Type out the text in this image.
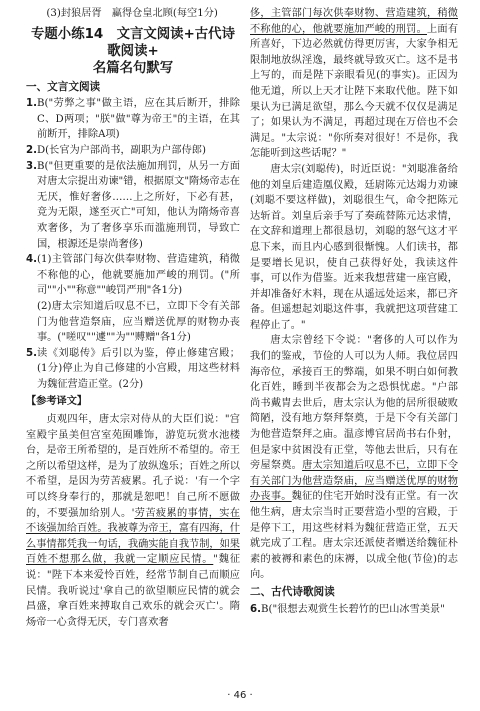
(3)封狼居胥　蠃得仓皇北顾(每空1分)

专题小练14　文言文阅读+古代诗歌阅读+
名篇名句默写
一、文言文阅读
1. B("劳弊之事"做主语，应在其后断开，排除C、D两项；"朕"做"尊为帝王"的主语，在其前断开，排除A项)
2. D(长官为户部尚书，副职为户部侍郎)
3. B("但更重要的是依法施加刑罚，从另一方面对唐太宗提出劝谏"错，根据原文"隋炀帝志在无厌，惟好奢侈……上之所好，下必有甚，竞为无限，遂至灭亡"可知，他认为隋炀帝喜欢奢侈，为了奢侈享乐而滥施刑罚，导致亡国，根源还是崇尚奢侈)
4. (1)主管部门每次供奉财物、营造建筑，稍微不称他的心，他就要施加严峻的刑罚。("所司""小""称意""峻罚严刑"各1分)

(2)唐太宗知道后叹息不已，立即下令有关部门为他营造祭庙，应当赠送优厚的财物办丧事。("嗟叹""遽""为""赙赠"各1分)

5. 读《刘聪传》后引以为鉴，停止修建宫殿；(1分)停止为自己修建的小宫殿，用这些材料为魏征营造正堂。(2分)
【参考译文】

贞观四年，唐太宗对侍从的大臣们说："宫室殿宇虽美但宫室苑囿雕饰，游览玩赏水池楼台，是帝王所希望的，是百姓所不希望的。帝王之所以希望这样，是为了放纵逸乐；百姓之所以不希望，是因为劳苦疲累。孔子说：'有一个字可以终身奉行的，那就是恕吧！自己所不愿做的，不要强加给别人。'劳苦疲累的事情，实在不该强加给百姓。我被尊为帝王，富有四海，什么事情都凭我一句话，我确实能自我节制，如果百姓不想那么做，我就一定顺应民情。"魏征说："陛下本来爱怜百姓，经常节制自己而顺应民情。我听说过'拿自己的欲望顺应民情的就会昌盛，拿百姓来搏取自己欢乐的就会灭亡'。隋炀帝一心贪得无厌，专门喜欢奢

侈，主管部门每次供奉财物、营造建筑，稍微不称他的心，他就要施加严峻的刑罚。上面有所喜好，下边必然就仿得更厉害，大家争相无限制地放纵淫逸，最终就导致灭亡。这不是书上写的，而是陛下亲眼看见(的事实)。正因为他无道，所以上天才让陛下来取代他。陛下如果认为已满足欲望，那么今天就不仅仅是满足了；如果认为不满足，再超过现在万倍也不会满足。"太宗说："你所奏对很好！不是你，我怎能听到这些话呢？"

唐太宗(刘聪传)，时近臣说："刘聪准备给他的刘皇后建造凰仪殿，廷尉陈元达竭力劝谏(刘聪不要这样做)，刘聪很生气，命令把陈元达斩首。刘皇后亲手写了奏疏替陈元达求情，在文辞和道理上都很恳切，刘聪的怒气这才平息下来，而且内心感到很惭愧。人们读书，都是要增长见识，使自己获得好处，我读这件事，可以作为借鉴。近来我想营建一座宫殿，并却准备好木料，现在从遥远处运来，都已齐备。但遥想起刘聪这件事，我就把这项营建工程停止了。"

唐太宗曾经下令说："奢侈的人可以作为我们的鉴戒，节俭的人可以为人师。我位居四海帝位，承接百王的弊端，如果不明白如何教化百姓，睡到半夜都会为之恐惧忧虑。"户部尚书戴胄去世后，唐太宗认为他的居所很破败简陋，没有地方祭拜祭奠，于是下令有关部门为他营造祭拜之庙。温彦博官居尚书右仆射，但是家中贫困没有正堂，等他去世后，只有在旁屋祭奠。唐太宗知道后叹息不已，立即下令有关部门为他营造祭庙，应当赠送优厚的财物办丧事。魏征的住宅开始时没有正堂。有一次他生病，唐太宗当时正要营造小型的宫殿，于是停下工，用这些材料为魏征营造正堂，五天就完成了工程。唐太宗还派使者赠送给魏征朴素的被褥和素色的床褥，以成全他(节俭)的志向。

二、古代诗歌阅读
6. B("很想去观赏生长碧竹的巴山冰雪美景"
· 46 ·
